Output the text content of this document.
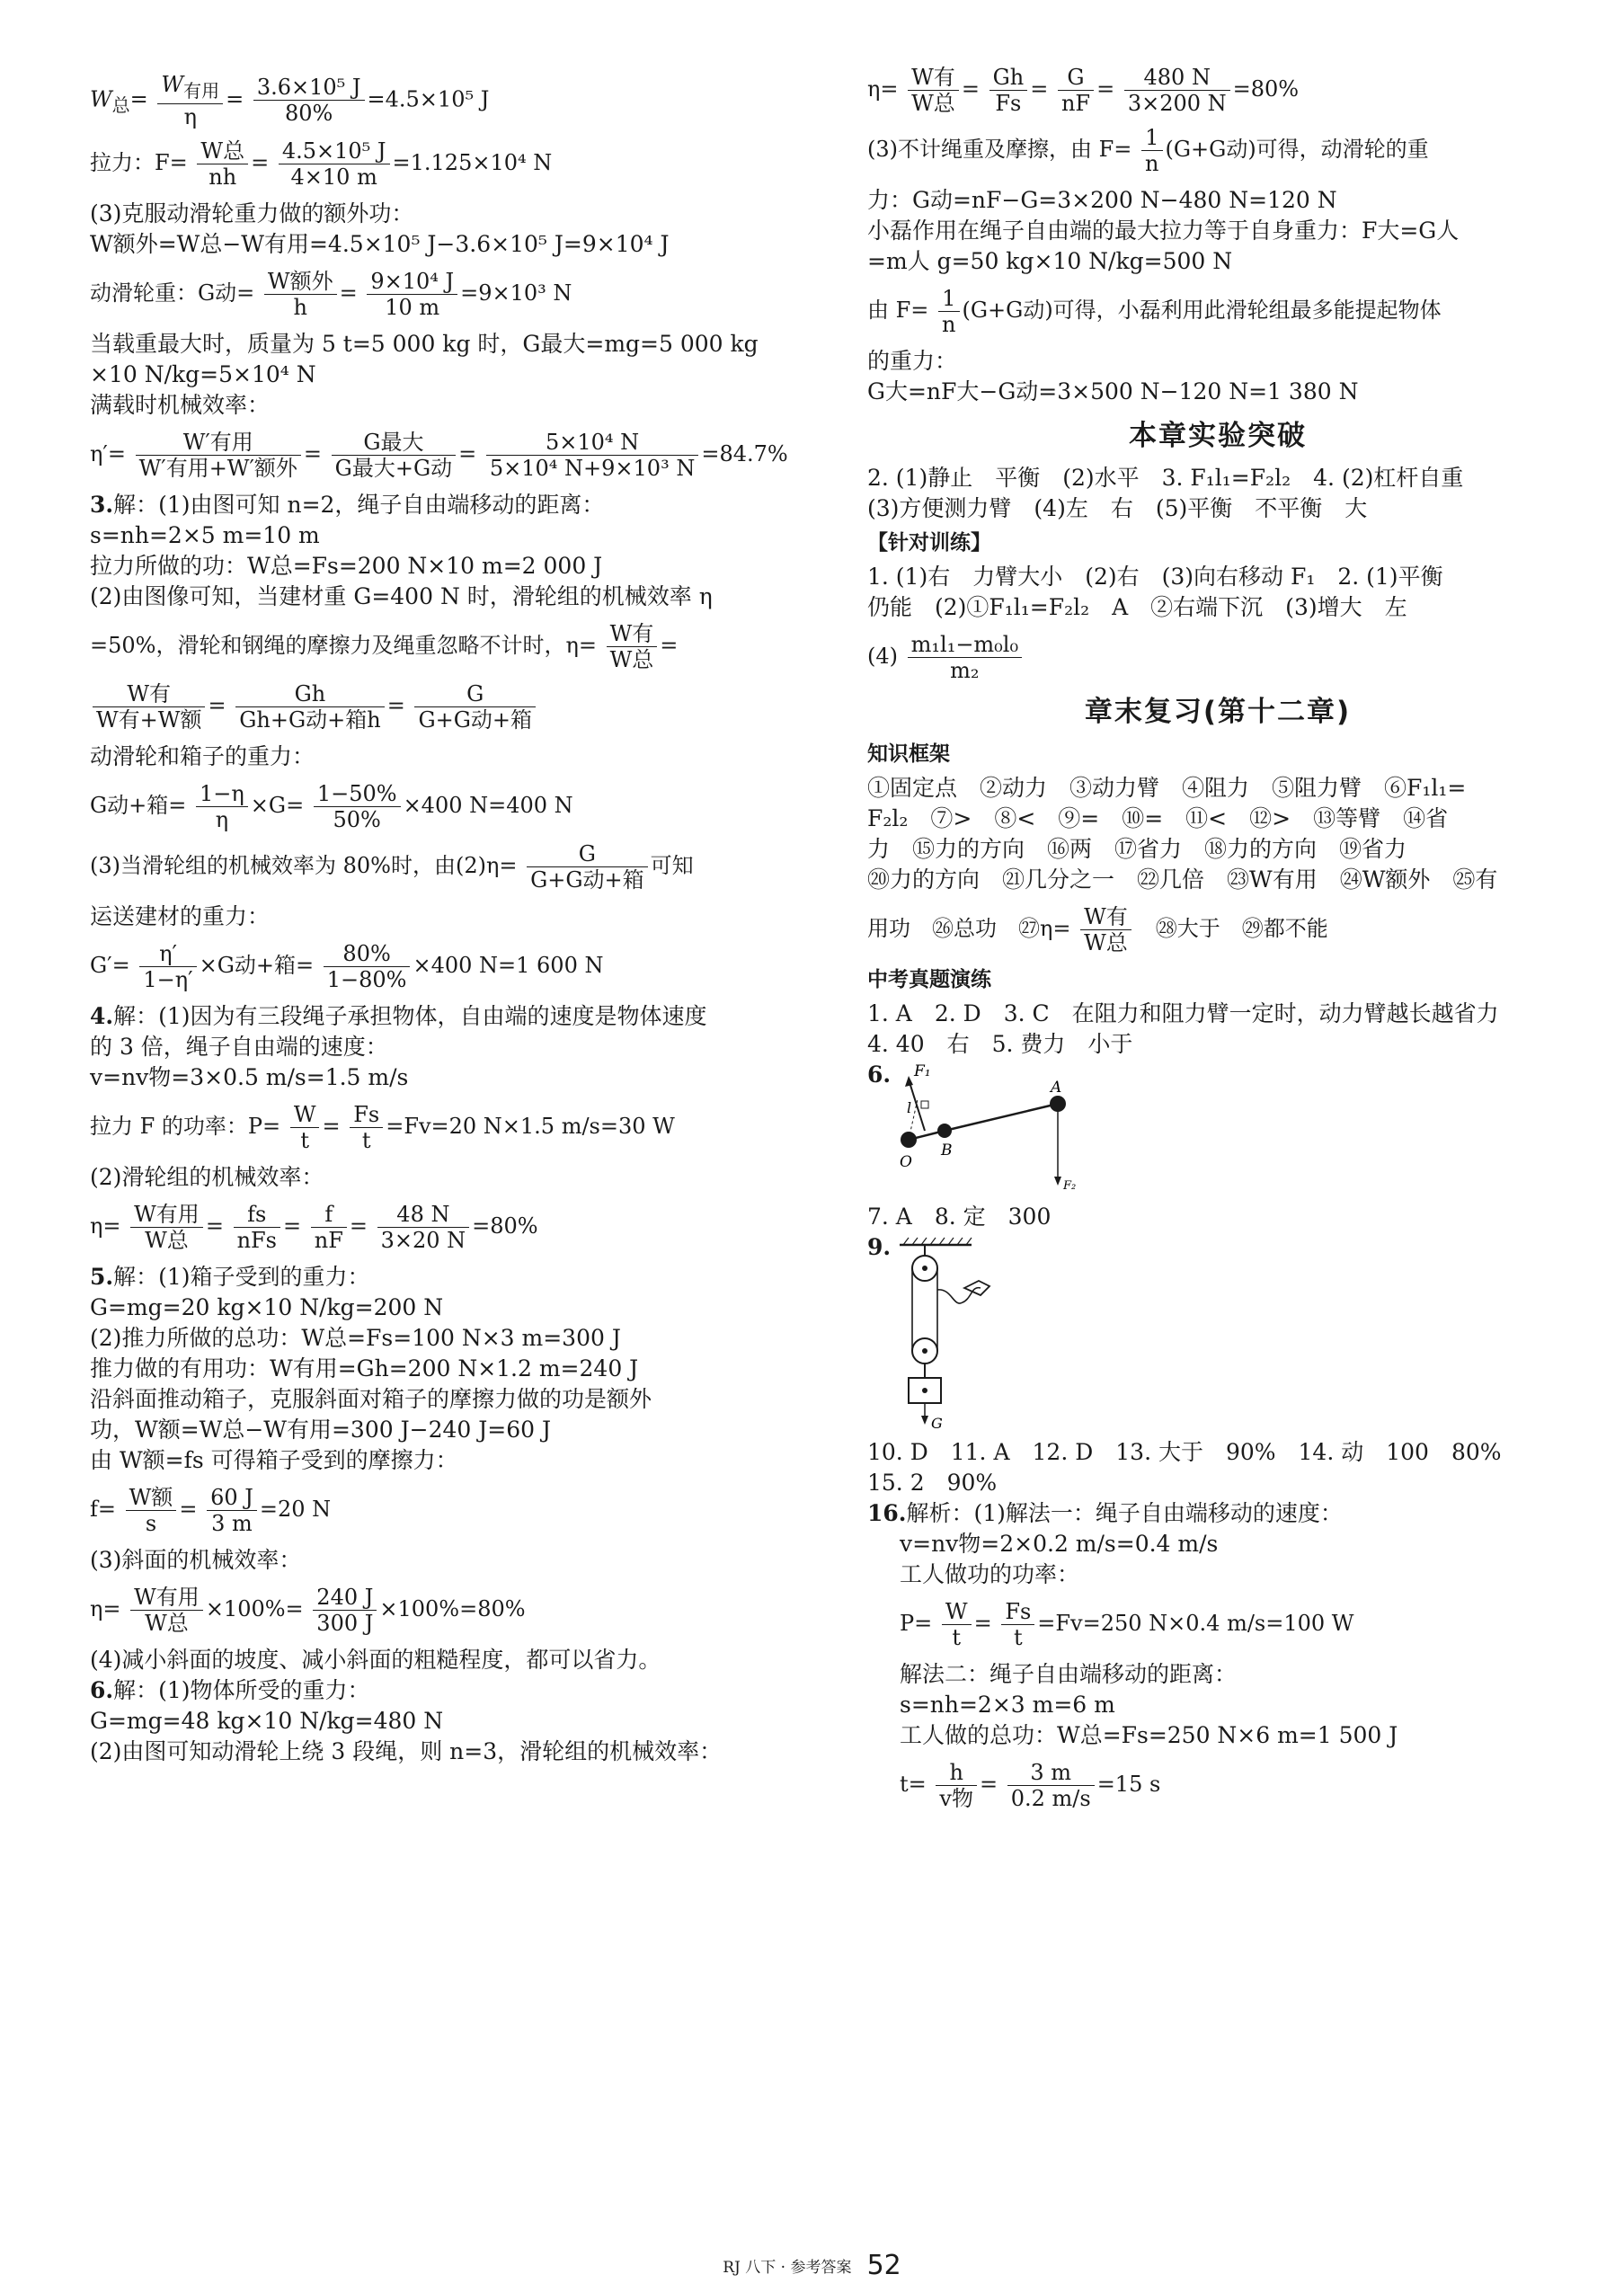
$W_总= \frac{W_{有用}}{\eta} = \frac{\text{3.6×10⁵ J}}{80\%} =4.5\times 10^5$ J
拉力：$F= \frac{\text{W总}}{nh} = \frac{\text{4.5×10⁵ J}}{4\times 10 m} =1.125\times 10^4$ N

(3)克服动滑轮重力做的额外功：

W额外=W总−W有用=4.5×10⁵ J−3.6×10⁵ J=9×10⁴ J

动滑轮重：G动= $\frac{\text{W额外}}{h} = \frac{\text{9×10⁴ J}}{10 m} =9\times 10^3$ N

当载重最大时，质量为 5 t=5 000 kg 时，G最大=mg=5 000 kg

×10 N/kg=5×10⁴ N

满载时机械效率：

$\eta'= \frac{\text{W′有用}}{\text{W′有用+W′额外}} = \frac{\text{G最大}}{\text{G最大+G动}} = \frac{\text{5×10⁴ N}}{\text{5×10⁴ N+9×10³ N}} =84.7\%$

3.解：(1)由图可知 n=2，绳子自由端移动的距离：

s=nh=2×5 m=10 m

拉力所做的功：W总=Fs=200 N×10 m=2 000 J

(2)由图像可知，当建材重 G=400 N 时，滑轮组的机械效率 η

=50%，滑轮和钢绳的摩擦力及绳重忽略不计时，$\eta= \frac{\text{W有}}{\text{W总}}$ =
$\frac{\text{W有}}{\text{W有+W额}} = \frac{Gh}{\text{Gh+G动+箱h}} = \frac{G}{\text{G+G动+箱}}$

动滑轮和箱子的重力：

G动+箱= $\frac{1-\eta}{\eta} \times G= \frac{1-50\%}{50\%} \times 400$ N=400 N
(3)当滑轮组的机械效率为 80%时，由$(2)\eta= \frac{G}{\text{G+G动+箱}}$ 可知

运送建材的重力：

$G'= \frac{\eta'}{1-\eta'} \times G$动+箱= $\frac{80\%}{1-80\%} \times 400$ N=1 600 N

4.解：(1)因为有三段绳子承担物体，自由端的速度是物体速度

的 3 倍，绳子自由端的速度：

v=nv物=3×0.5 m/s=1.5 m/s

拉力 F 的功率：$P= \frac{W}{t} = \frac{Fs}{t} =Fv=20$ N×1.5 m/s=30 W

(2)滑轮组的机械效率：

$\eta= \frac{\text{W有用}}{\text{W总}} = \frac{fs}{\text{nFs}} = \frac{f}{nF} = \frac{48 N}{3\times 20 N} =80\%$

5.解：(1)箱子受到的重力：

G=mg=20 kg×10 N/kg=200 N

(2)推力所做的总功：W总=Fs=100 N×3 m=300 J

推力做的有用功：W有用=Gh=200 N×1.2 m=240 J

沿斜面推动箱子，克服斜面对箱子的摩擦力做的功是额外

功，W额=W总−W有用=300 J−240 J=60 J

由 W额=fs 可得箱子受到的摩擦力：

$f= \frac{\text{W额}}{s} = \frac{60 J}{3 m} =20$ N

(3)斜面的机械效率：

$\eta= \frac{\text{W有用}}{\text{W总}} \times 100\%= \frac{240 J}{300 J} \times 100\%=80\%$

(4)减小斜面的坡度、减小斜面的粗糙程度，都可以省力。

6.解：(1)物体所受的重力：

G=mg=48 kg×10 N/kg=480 N

(2)由图可知动滑轮上绕 3 段绳，则 n=3，滑轮组的机械效率：

$\eta= \frac{\text{W有}}{\text{W总}} = \frac{Gh}{Fs} = \frac{G}{nF} = \frac{480 N}{3\times 200 N} =80\%$
(3)不计绳重及摩擦，由 $F= \frac{1}{n} (G+G$动)可得，动滑轮的重

力：G动=nF−G=3×200 N−480 N=120 N

小磊作用在绳子自由端的最大拉力等于自身重力：F大=G人

=m人 g=50 kg×10 N/kg=500 N

由 $F= \frac{1}{n} (G+G$动)可得，小磊利用此滑轮组最多能提起物体

的重力：

G大=nF大−G动=3×500 N−120 N=1 380 N

本章实验突破

2. (1)静止　平衡　(2)水平　3. F₁l₁=F₂l₂　4. (2)杠杆自重

(3)方便测力臂　(4)左　右　(5)平衡　不平衡　大

【针对训练】

1. (1)右　力臂大小　(2)右　(3)向右移动 F₁　2. (1)平衡

仍能　(2)①F₁l₁=F₂l₂　A　②右端下沉　(3)增大　左

$(4) \frac{\text{m₁l₁−m₀l₀}}{\text{m₂}}$
章末复习(第十二章)
知识框架

①固定点　②动力　③动力臂　④阻力　⑤阻力臂　⑥F₁l₁=

F₂l₂　⑦>　⑧<　⑨=　⑩=　⑪<　⑫>　⑬等臂　⑭省

力　⑮力的方向　⑯两　⑰省力　⑱力的方向　⑲省力

⑳力的方向　㉑几分之一　㉒几倍　㉓W有用　㉔W额外　㉕有

用功　㉖总功　㉗η= $\frac{\text{W有}}{\text{W总}}$ 　㉘大于　㉙都不能
中考真题演练

1. A　2. D　3. C　在阻力和阻力臂一定时，动力臂越长越省力

4. 40　右　5. 费力　小于

6. F₁
l
O
B
A
F₂

7. A　8. 定　300

9.
G

10. D　11. A　12. D　13. 大于　90%　14. 动　100　80%

15. 2　90%

16.解析：(1)解法一：绳子自由端移动的速度：

v=nv物=2×0.2 m/s=0.4 m/s

工人做功的功率：

$P= \frac{W}{t} = \frac{Fs}{t} =Fv=250$ N×0.4 m/s=100 W

解法二：绳子自由端移动的距离：

s=nh=2×3 m=6 m

工人做的总功：W总=Fs=250 N×6 m=1 500 J

$t= \frac{h}{\text{v物}} = \frac{3 m}{0.2 m/s} =15$ s
RJ 八下 · 参考答案 52
